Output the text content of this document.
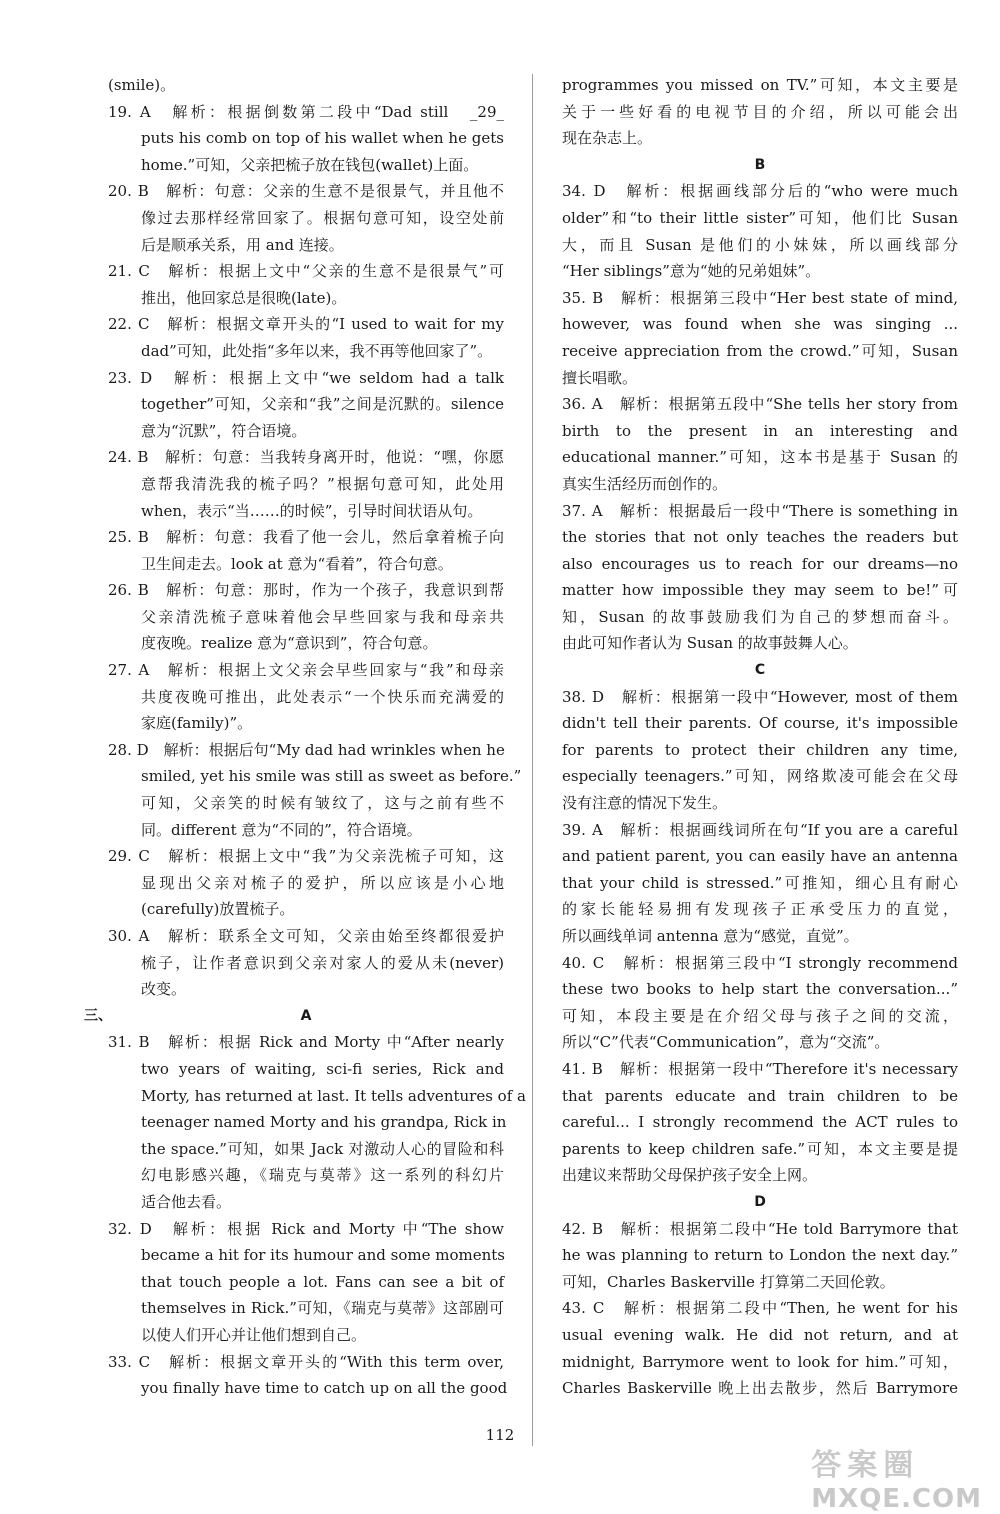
(smile)。
19. A　解析：根据倒数第二段中“Dad still　_29_
puts his comb on top of his wallet when he gets
home.”可知，父亲把梳子放在钱包(wallet)上面。
20. B　解析：句意：父亲的生意不是很景气，并且他不
像过去那样经常回家了。根据句意可知，设空处前
后是顺承关系，用 and 连接。
21. C　解析：根据上文中“父亲的生意不是很景气”可
推出，他回家总是很晚(late)。
22. C　解析：根据文章开头的“I used to wait for my
dad”可知，此处指“多年以来，我不再等他回家了”。
23. D　解析：根据上文中“we seldom had a talk
together”可知，父亲和“我”之间是沉默的。silence
意为“沉默”，符合语境。
24. B　解析：句意：当我转身离开时，他说：“嘿，你愿
意帮我清洗我的梳子吗？”根据句意可知，此处用
when，表示“当……的时候”，引导时间状语从句。
25. B　解析：句意：我看了他一会儿，然后拿着梳子向
卫生间走去。look at 意为“看着”，符合句意。
26. B　解析：句意：那时，作为一个孩子，我意识到帮
父亲清洗梳子意味着他会早些回家与我和母亲共
度夜晚。realize 意为“意识到”，符合句意。
27. A　解析：根据上文父亲会早些回家与“我”和母亲
共度夜晚可推出，此处表示“一个快乐而充满爱的
家庭(family)”。
28. D　解析：根据后句“My dad had wrinkles when he
smiled, yet his smile was still as sweet as before.”
可知，父亲笑的时候有皱纹了，这与之前有些不
同。different 意为“不同的”，符合语境。
29. C　解析：根据上文中“我”为父亲洗梳子可知，这
显现出父亲对梳子的爱护，所以应该是小心地
(carefully)放置梳子。
30. A　解析：联系全文可知，父亲由始至终都很爱护
梳子，让作者意识到父亲对家人的爱从未(never)
改变。
A
三、
31. B　解析：根据 Rick and Morty 中“After nearly
two years of waiting, sci-fi series, Rick and
Morty, has returned at last. It tells adventures of a
teenager named Morty and his grandpa, Rick in
the space.”可知，如果 Jack 对激动人心的冒险和科
幻电影感兴趣，《瑞克与莫蒂》这一系列的科幻片
适合他去看。
32. D　解析：根据 Rick and Morty 中“The show
became a hit for its humour and some moments
that touch people a lot. Fans can see a bit of
themselves in Rick.”可知，《瑞克与莫蒂》这部剧可
以使人们开心并让他们想到自己。
33. C　解析：根据文章开头的“With this term over,
you finally have time to catch up on all the good
programmes you missed on TV.”可知，本文主要是
关于一些好看的电视节目的介绍，所以可能会出
现在杂志上。
B
34. D　解析：根据画线部分后的“who were much
older”和“to their little sister”可知，他们比 Susan
大，而且 Susan 是他们的小妹妹，所以画线部分
“Her siblings”意为“她的兄弟姐妹”。
35. B　解析：根据第三段中“Her best state of mind,
however, was found when she was singing ...
receive appreciation from the crowd.”可知，Susan
擅长唱歌。
36. A　解析：根据第五段中“She tells her story from
birth to the present in an interesting and
educational manner.”可知，这本书是基于 Susan 的
真实生活经历而创作的。
37. A　解析：根据最后一段中“There is something in
the stories that not only teaches the readers but
also encourages us to reach for our dreams—no
matter how impossible they may seem to be!”可
知，Susan 的故事鼓励我们为自己的梦想而奋斗。
由此可知作者认为 Susan 的故事鼓舞人心。
C
38. D　解析：根据第一段中“However, most of them
didn't tell their parents. Of course, it's impossible
for parents to protect their children any time,
especially teenagers.”可知，网络欺凌可能会在父母
没有注意的情况下发生。
39. A　解析：根据画线词所在句“If you are a careful
and patient parent, you can easily have an antenna
that your child is stressed.”可推知，细心且有耐心
的家长能轻易拥有发现孩子正承受压力的直觉，
所以画线单词 antenna 意为“感觉，直觉”。
40. C　解析：根据第三段中“I strongly recommend
these two books to help start the conversation...”
可知，本段主要是在介绍父母与孩子之间的交流，
所以“C”代表“Communication”，意为“交流”。
41. B　解析：根据第一段中“Therefore it's necessary
that parents educate and train children to be
careful... I strongly recommend the ACT rules to
parents to keep children safe.”可知，本文主要是提
出建议来帮助父母保护孩子安全上网。
D
42. B　解析：根据第二段中“He told Barrymore that
he was planning to return to London the next day.”
可知，Charles Baskerville 打算第二天回伦敦。
43. C　解析：根据第二段中“Then, he went for his
usual evening walk. He did not return, and at
midnight, Barrymore went to look for him.”可知，
Charles Baskerville 晚上出去散步，然后 Barrymore
112
答案圈
MXQE.COM
